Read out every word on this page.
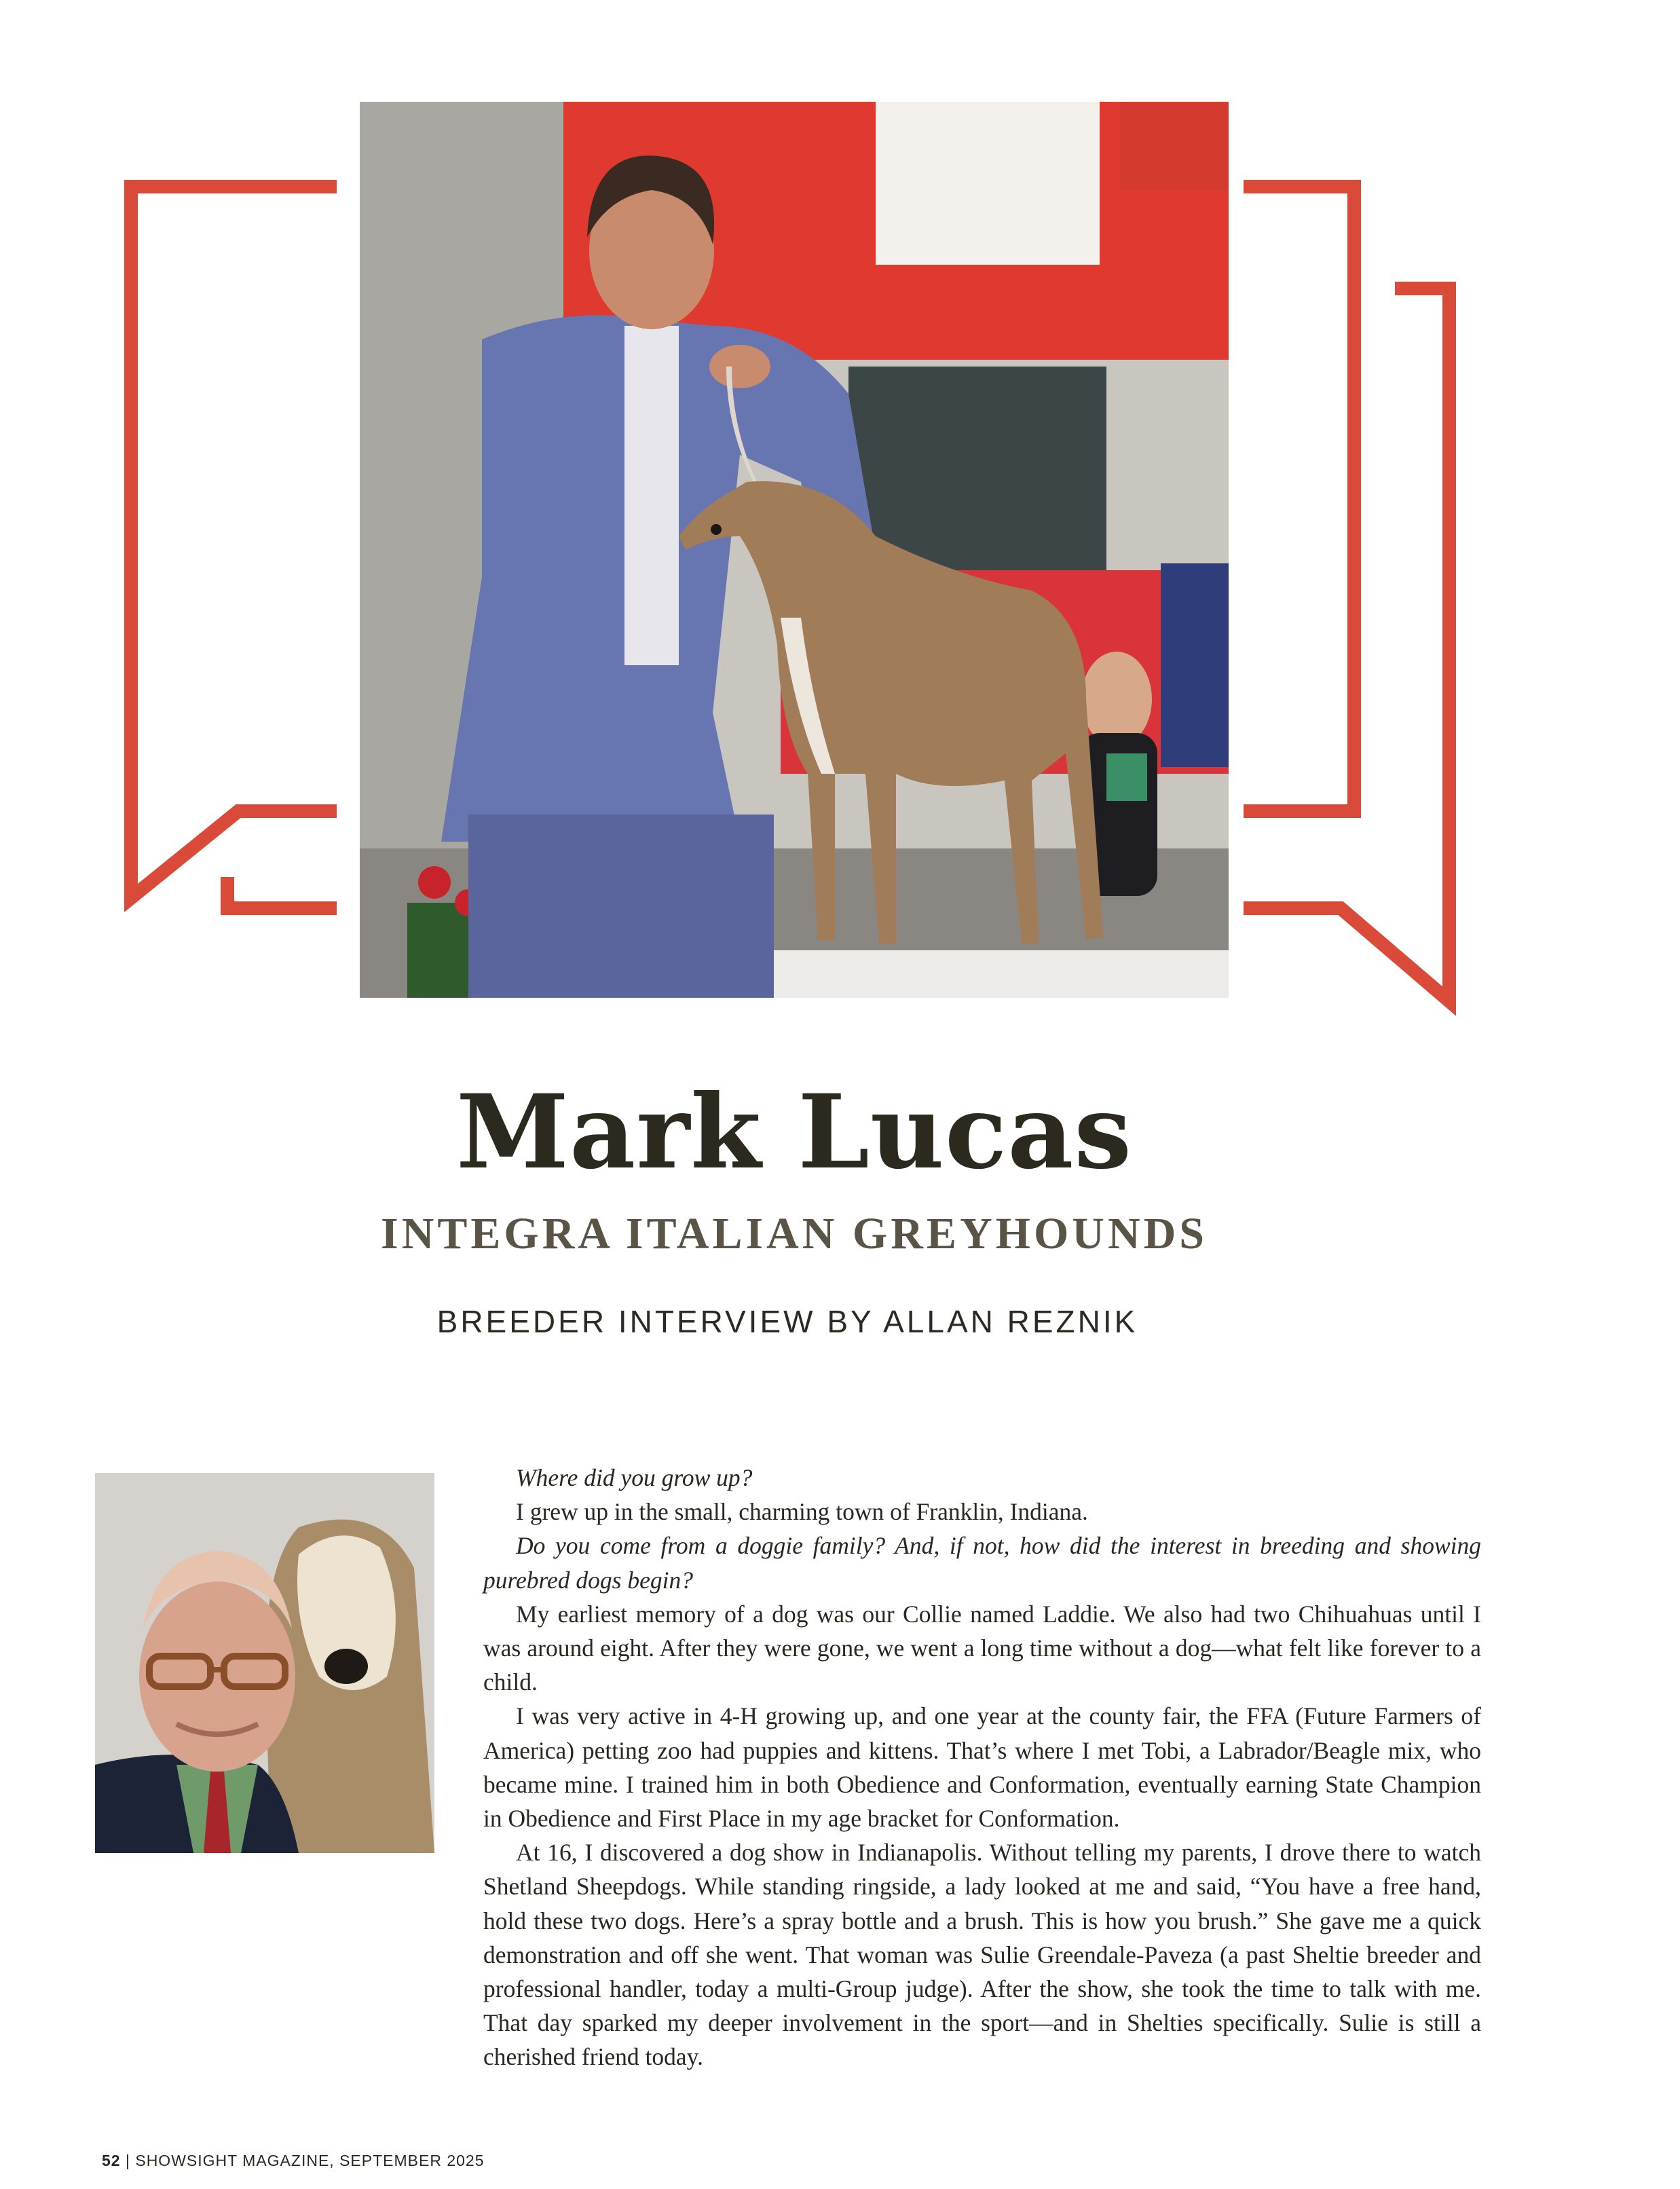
Mark Lucas
INTEGRA ITALIAN GREYHOUNDS
BREEDER INTERVIEW BY ALLAN REZNIK

Where did you grow up?

I grew up in the small, charming town of Franklin, Indiana.

Do you come from a doggie family? And, if not, how did the interest in breeding and showing purebred dogs begin?

My earliest memory of a dog was our Collie named Laddie. We also had two Chihuahuas until I was around eight. After they were gone, we went a long time without a dog—what felt like forever to a child.

I was very active in 4-H growing up, and one year at the county fair, the FFA (Future Farmers of America) petting zoo had puppies and kittens. That’s where I met Tobi, a Labrador/Beagle mix, who became mine. I trained him in both Obedience and Conformation, eventually earning State Champion in Obedience and First Place in my age bracket for Conformation.

At 16, I discovered a dog show in Indianapolis. Without telling my parents, I drove there to watch Shetland Sheepdogs. While standing ringside, a lady looked at me and said, “You have a free hand, hold these two dogs. Here’s a spray bottle and a brush. This is how you brush.” She gave me a quick demonstration and off she went. That woman was Sulie Greendale-Paveza (a past Sheltie breeder and professional handler, today a multi-Group judge). After the show, she took the time to talk with me. That day sparked my deeper involvement in the sport—and in Shelties specifically. Sulie is still a cherished friend today.

52 | SHOWSIGHT MAGAZINE, SEPTEMBER 2025
